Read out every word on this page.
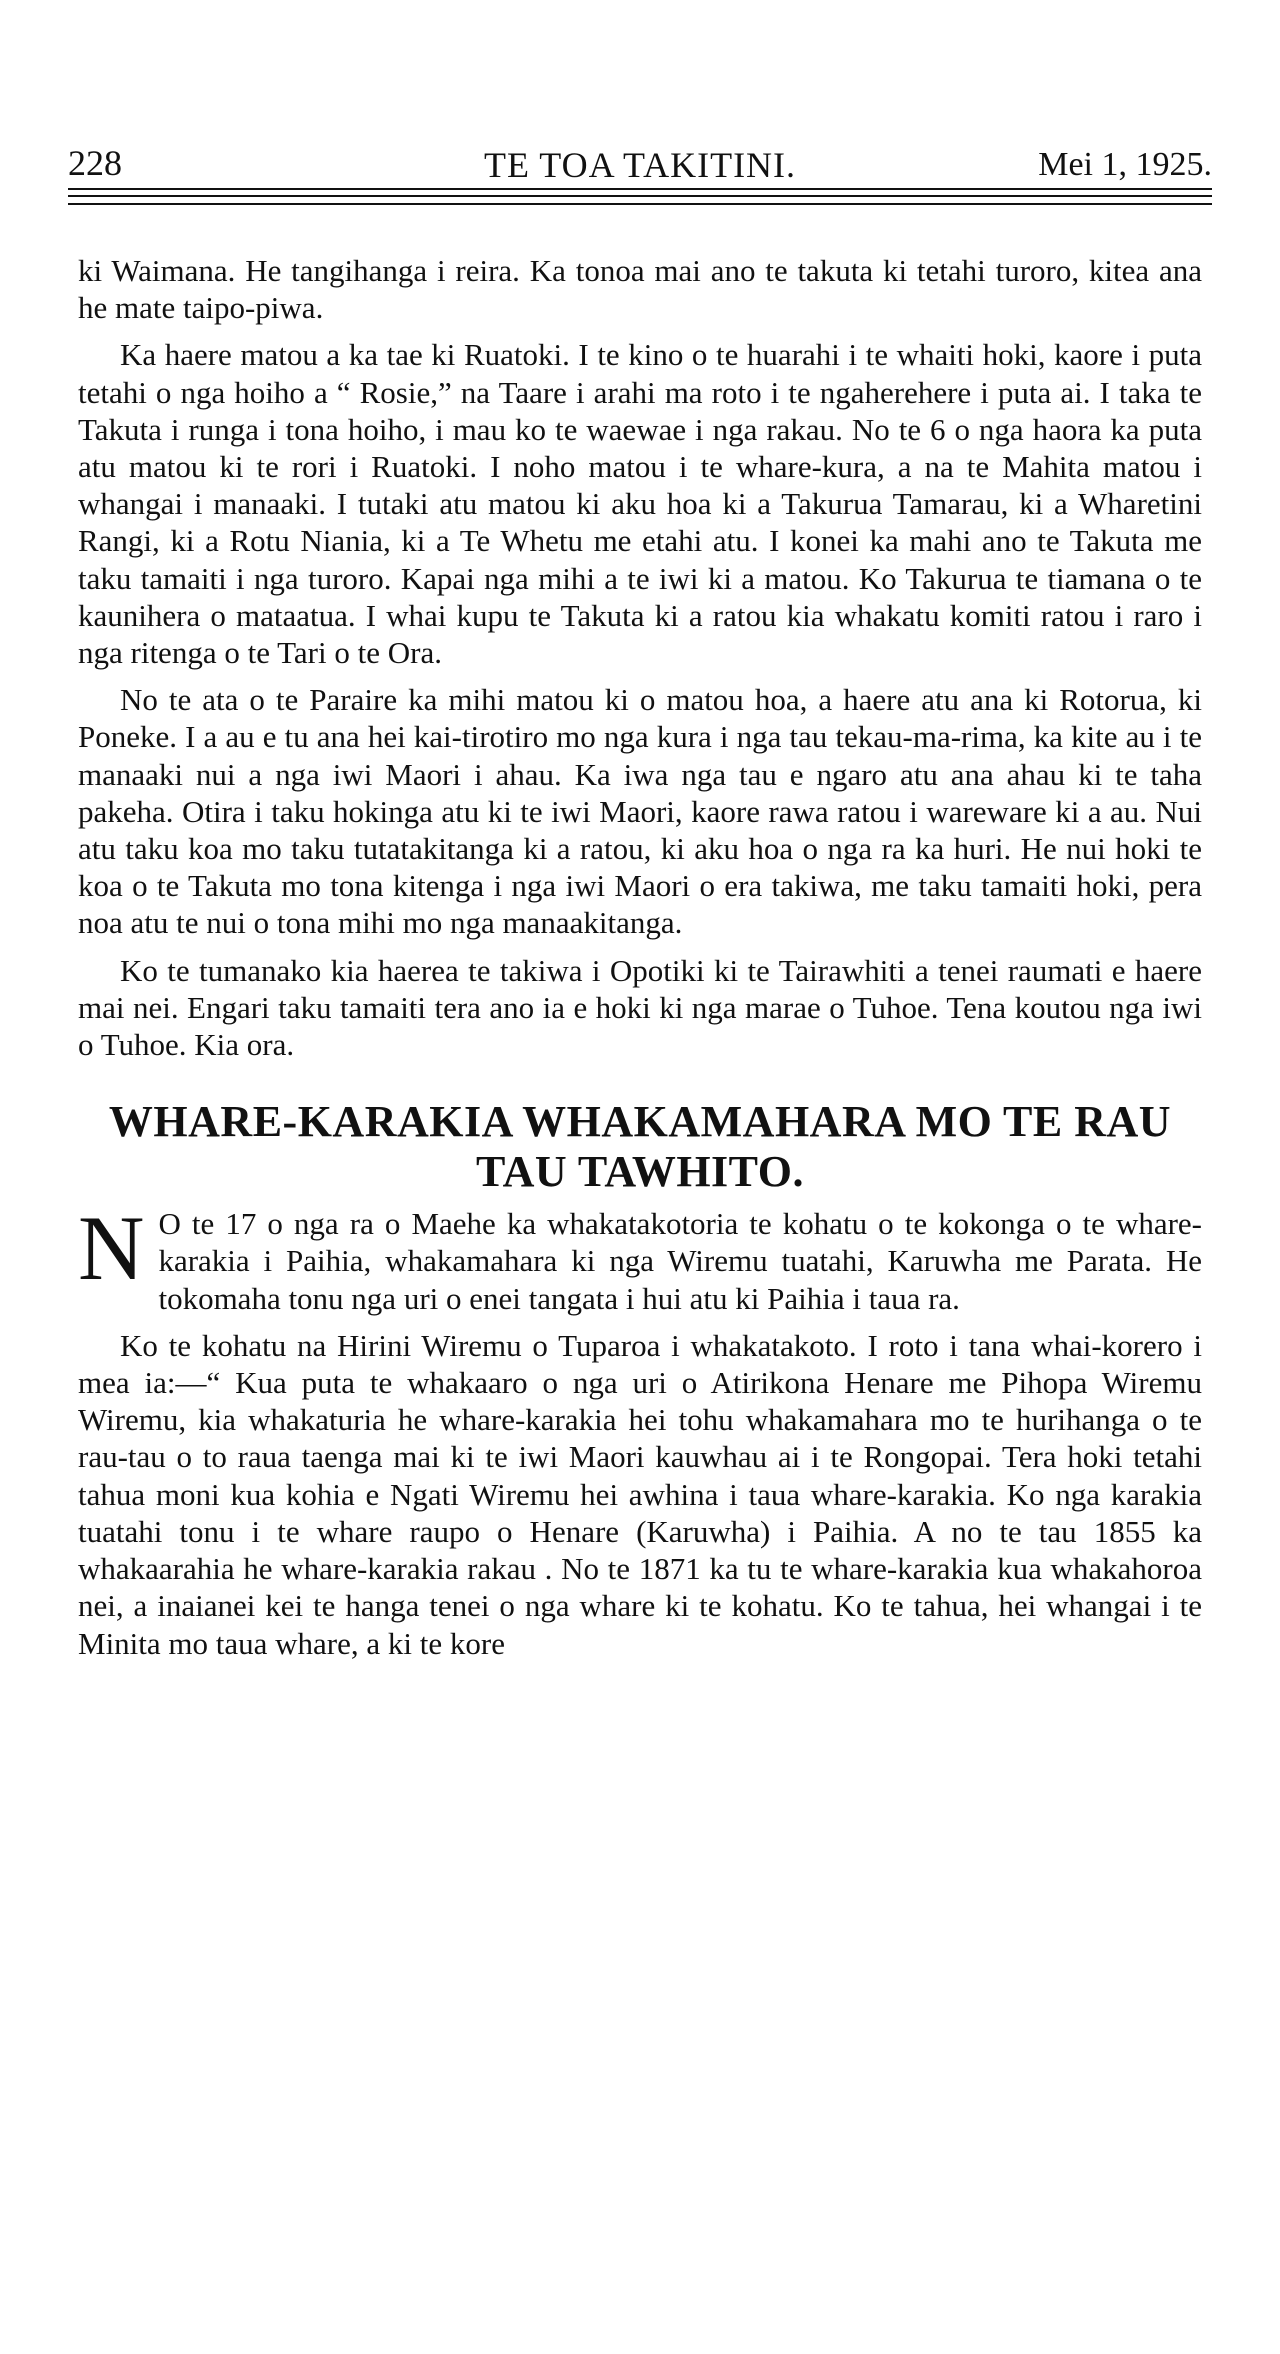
228	TE TOA TAKITINI.	Mei 1, 1925.

ki Waimana. He tangihanga i reira. Ka tonoa mai ano te takuta ki tetahi turoro, kitea ana he mate taipo-piwa.

Ka haere matou a ka tae ki Ruatoki. I te kino o te huarahi i te whaiti hoki, kaore i puta tetahi o nga hoiho a “ Rosie,” na Taare i arahi ma roto i te ngaherehere i puta ai. I taka te Takuta i runga i tona hoiho, i mau ko te waewae i nga rakau. No te 6 o nga haora ka puta atu matou ki te rori i Ruatoki. I noho matou i te whare-kura, a na te Mahita matou i whangai i manaaki. I tutaki atu matou ki aku hoa ki a Takurua Tamarau, ki a Wharetini Rangi, ki a Rotu Niania, ki a Te Whetu me etahi atu. I konei ka mahi ano te Takuta me taku tamaiti i nga turoro. Kapai nga mihi a te iwi ki a matou. Ko Takurua te tiamana o te kaunihera o mataatua. I whai kupu te Takuta ki a ratou kia whakatu komiti ratou i raro i nga ritenga o te Tari o te Ora.

No te ata o te Paraire ka mihi matou ki o matou hoa, a haere atu ana ki Rotorua, ki Poneke. I a au e tu ana hei kai-tirotiro mo nga kura i nga tau tekau-ma-rima, ka kite au i te manaaki nui a nga iwi Maori i ahau. Ka iwa nga tau e ngaro atu ana ahau ki te taha pakeha. Otira i taku hokinga atu ki te iwi Maori, kaore rawa ratou i wareware ki a au. Nui atu taku koa mo taku tutatakitanga ki a ratou, ki aku hoa o nga ra ka huri. He nui hoki te koa o te Takuta mo tona kitenga i nga iwi Maori o era takiwa, me taku tamaiti hoki, pera noa atu te nui o tona mihi mo nga manaakitanga.

Ko te tumanako kia haerea te takiwa i Opotiki ki te Tairawhiti a tenei raumati e haere mai nei. Engari taku tamaiti tera ano ia e hoki ki nga marae o Tuhoe. Tena koutou nga iwi o Tuhoe. Kia ora.

WHARE-KARAKIA WHAKAMAHARA MO TE RAU TAU TAWHITO.

N O te 17 o nga ra o Maehe ka whakatakotoria te kohatu o te kokonga o te whare-karakia i Paihia, whakamahara ki nga Wiremu tuatahi, Karuwha me Parata. He tokomaha tonu nga uri o enei tangata i hui atu ki Paihia i taua ra.

Ko te kohatu na Hirini Wiremu o Tuparoa i whakatakoto. I roto i tana whai-korero i mea ia:—“ Kua puta te whakaaro o nga uri o Atirikona Henare me Pihopa Wiremu Wiremu, kia whakaturia he whare-karakia hei tohu whakamahara mo te hurihanga o te rau-tau o to raua taenga mai ki te iwi Maori kauwhau ai i te Rongopai. Tera hoki tetahi tahua moni kua kohia e Ngati Wiremu hei awhina i taua whare-karakia. Ko nga karakia tuatahi tonu i te whare raupo o Henare (Karuwha) i Paihia. A no te tau 1855 ka whakaarahia he whare-karakia rakau . No te 1871 ka tu te whare-karakia kua whakahoroa nei, a inaianei kei te hanga tenei o nga whare ki te kohatu. Ko te tahua, hei whangai i te Minita mo taua whare, a ki te kore
